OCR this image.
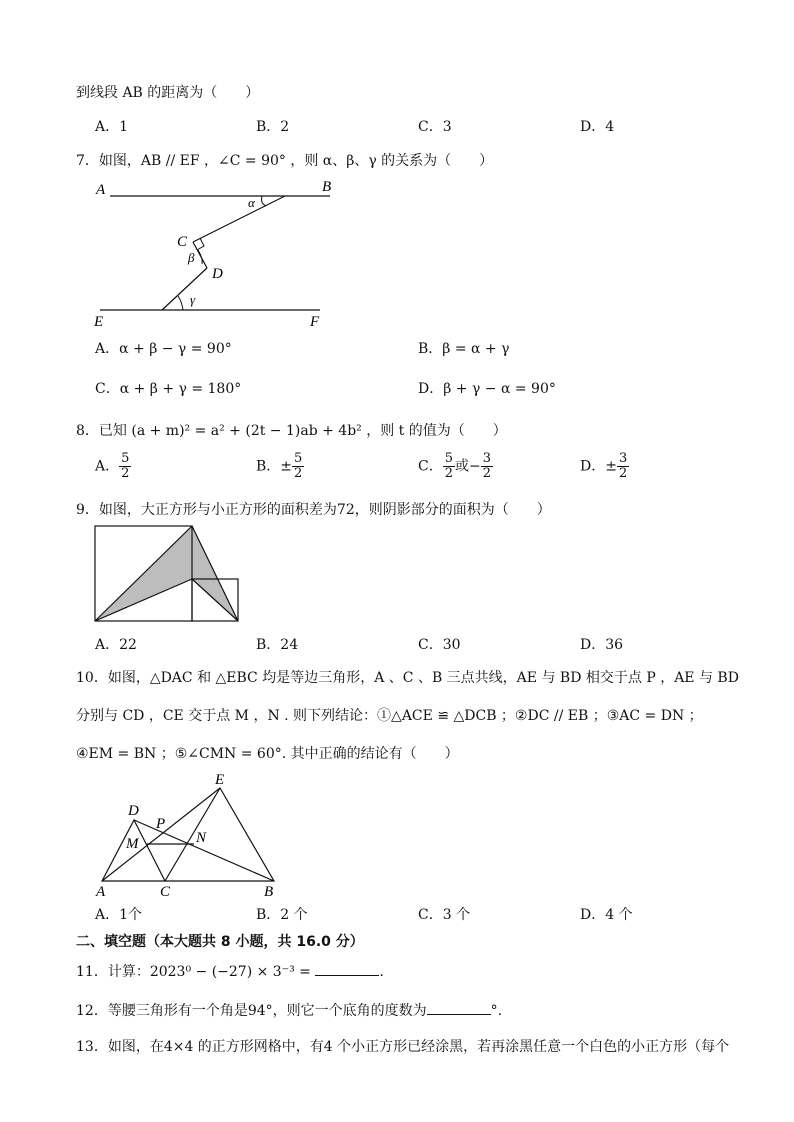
到线段 AB 的距离为（　　）
A．1	B．2	C．3	D．4
7．如图，AB // EF ，∠C = 90° ，则 α、β、γ 的关系为（　　）
A	B
C
D
E	F
α
β
γ
A．α + β − γ = 90°	B．β = α + γ
C．α + β + γ = 180°	D．β + γ − α = 90°
8．已知 (a + m)² = a² + (2t − 1)ab + 4b² ，则 t 的值为（　　）
A． $\frac{5}{2}$	B．± $\frac{5}{2}$	C． $\frac{5}{2}$ 或− $\frac{3}{2}$	D．± $\frac{3}{2}$
9．如图，大正方形与小正方形的面积差为72，则阴影部分的面积为（　　）
A．22	B．24	C．30	D．36
10．如图，△DAC 和 △EBC 均是等边三角形，A 、C 、B 三点共线，AE 与 BD 相交于点 P ，AE 与 BD
分别与 CD ，CE 交于点 M ，N . 则下列结论：①△ACE ≌ △DCB ；②DC // EB ；③AC = DN ；
④EM = BN ；⑤∠CMN = 60°. 其中正确的结论有（　　）
A	C	B
D
E
P
M	N
A．1个	B．2 个	C．3 个	D．4 个
二、填空题（本大题共 8 小题，共 16.0 分）
11．计算：2023⁰ − (−27) × 3⁻³ =	.
12．等腰三角形有一个角是94°，则它一个底角的度数为	°.
13．如图，在4×4 的正方形网格中，有4 个小正方形已经涂黑，若再涂黑任意一个白色的小正方形（每个
